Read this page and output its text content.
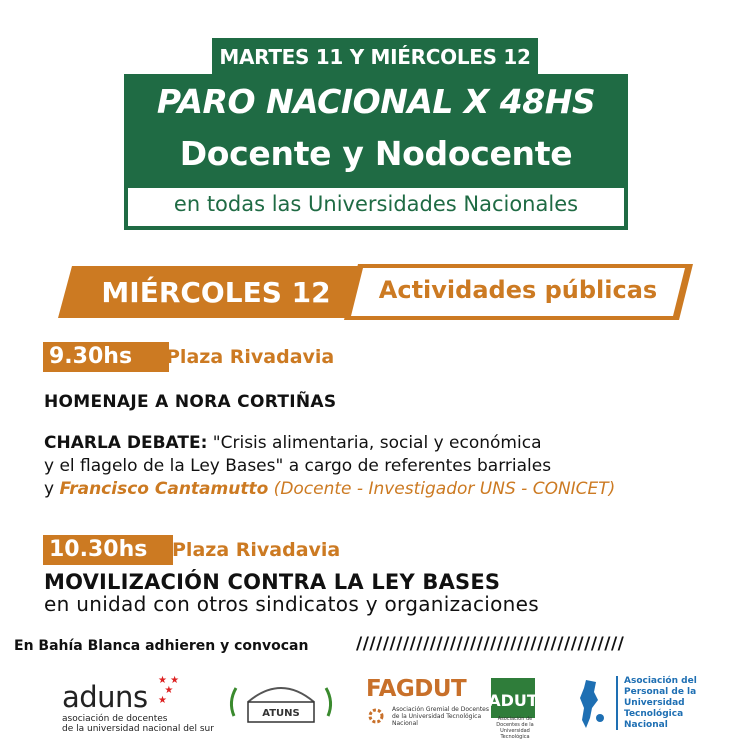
MARTES 11 Y MIÉRCOLES 12
PARO NACIONAL X 48HS
Docente y Nodocente
en todas las Universidades Nacionales
MIÉRCOLES 12	Actividades públicas
9.30hs	Plaza Rivadavia
HOMENAJE A NORA CORTIÑAS
CHARLA DEBATE: "Crisis alimentaria, social y económica
y el flagelo de la Ley Bases" a cargo de referentes barriales
y Francisco Cantamutto (Docente - Investigador UNS - CONICET)
10.30hs	Plaza Rivadavia
MOVILIZACIÓN CONTRA LA LEY BASES
en unidad con otros sindicatos y organizaciones
En Bahía Blanca adhieren y convocan	////////////////////////////////////////
aduns ★ ★
★
★
asociación de docentes
de la universidad nacional del sur
ATUNS
FAGDUT
Asociación Gremial de Docentes de la Universidad Tecnológica Nacional
ADUT
Asociación de Docentes de la Universidad Tecnológica
Asociación del
Personal de la
Universidad
Tecnológica
Nacional
